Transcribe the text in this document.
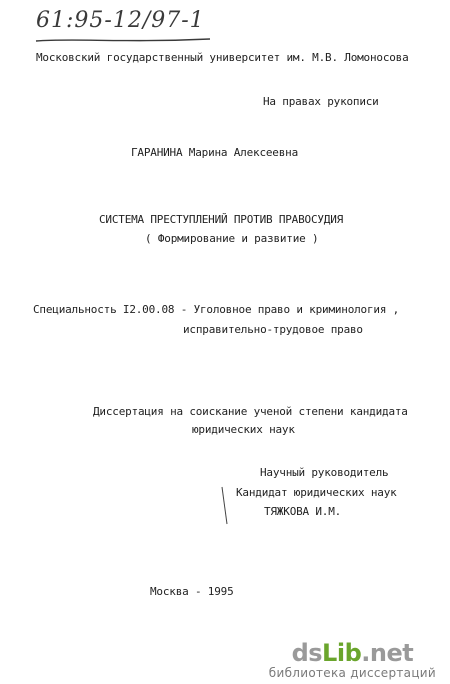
61:95-12/97-1
Московский государственный университет им. М.В. Ломоносова
На правах рукописи
ГАРАНИНА Марина Алексеевна
СИСТЕМА ПРЕСТУПЛЕНИЙ ПРОТИВ ПРАВОСУДИЯ
( Формирование и развитие )
Специальность I2.00.08 - Уголовное право и криминология ,
исправительно-трудовое право
Диссертация на соискание ученой степени кандидата
юридических наук
Научный руководитель
Кандидат юридических наук
ТЯЖКОВА И.М.
Москва - 1995
dsLib.net
библиотека диссертаций
